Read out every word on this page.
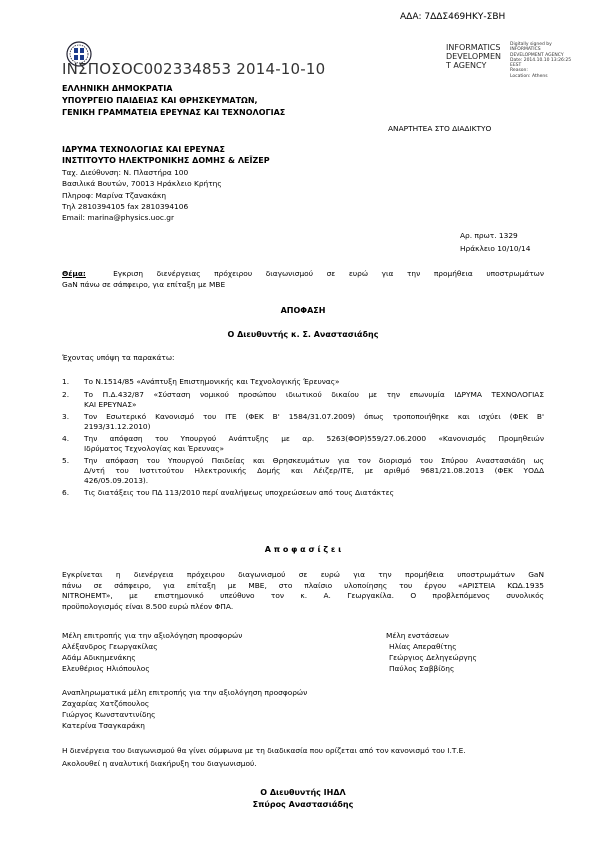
ΑΔΑ: 7ΔΔΣ469ΗΚΥ-ΣΒΗ
ΙΝΣΠΟΣΟC002334853 2014-10-10
INFORMATICS
DEVELOPMEN
T AGENCY
Digitally signed by
INFORMATICS
DEVELOPMENT AGENCY
Date: 2014.10.10 13:26:25
EEST
Reason:
Location: Athens
ΕΛΛΗΝΙΚΗ ΔΗΜΟΚΡΑΤΙΑ
ΥΠΟΥΡΓΕΙΟ ΠΑΙΔΕΙΑΣ ΚΑΙ ΘΡΗΣΚΕΥΜΑΤΩΝ,
ΓΕΝΙΚΗ ΓΡΑΜΜΑΤΕΙΑ ΕΡΕΥΝΑΣ ΚΑΙ ΤΕΧΝΟΛΟΓΙΑΣ
ΑΝΑΡΤΗΤΕΑ ΣΤΟ ΔΙΑΔΙΚΤΥΟ
ΙΔΡΥΜΑ ΤΕΧΝΟΛΟΓΙΑΣ ΚΑΙ ΕΡΕΥΝΑΣ
ΙΝΣΤΙΤΟΥΤΟ ΗΛΕΚΤΡΟΝΙΚΗΣ ΔΟΜΗΣ & ΛΕΪΖΕΡ
Ταχ. Διεύθυνση: Ν. Πλαστήρα 100
Βασιλικά Βουτών, 70013 Ηράκλειο Κρήτης
Πληροφ: Μαρίνα Τζανακάκη
Τηλ 2810394105 fax 2810394106
Email: marina@physics.uoc.gr
Αρ. πρωτ. 1329
Ηράκλειο 10/10/14
Θέμα:	Εγκριση διενέργειας πρόχειρου διαγωνισμού σε ευρώ για την προμήθεια υποστρωμάτων
GaN πάνω σε σάπφειρο, για επίταξη με MBE
ΑΠΟΦΑΣΗ
Ο Διευθυντής κ. Σ. Αναστασιάδης
Έχοντας υπόψη τα παρακάτω:
1.	Το Ν.1514/85 «Ανάπτυξη Επιστημονικής και Τεχνολογικής Έρευνας»
2.	Το Π.Δ.432/87 «Σύσταση νομικού προσώπου ιδιωτικού δικαίου με την επωνυμία ΙΔΡΥΜΑ ΤΕΧΝΟΛΟΓΙΑΣ
ΚΑΙ ΕΡΕΥΝΑΣ»
3.	Τον Εσωτερικό Κανονισμό του ΙΤΕ (ΦΕΚ Β' 1584/31.07.2009) όπως τροποποιήθηκε και ισχύει (ΦΕΚ Β'
2193/31.12.2010)
4.	Την απόφαση του Υπουργού Ανάπτυξης με αρ. 5263(ΦΟΡ)559/27.06.2000 «Κανονισμός Προμηθειών
Ιδρύματος Τεχνολογίας και Έρευνας»
5.	Την απόφαση του Υπουργού Παιδείας και Θρησκευμάτων για τον διορισμό του Σπύρου Αναστασιάδη ως
Δ/ντή του Ινστιτούτου Ηλεκτρονικής Δομής και Λέιζερ/ΙΤΕ, με αριθμό 9681/21.08.2013 (ΦΕΚ ΥΟΔΔ
426/05.09.2013).
6.	Τις διατάξεις του ΠΔ 113/2010 περί αναλήψεως υποχρεώσεων από τους Διατάκτες
Α π ο φ α σ ί ζ ε ι
Εγκρίνεται η διενέργεια πρόχειρου διαγωνισμού σε ευρώ για την προμήθεια υποστρωμάτων GaN
πάνω σε σάπφειρο, για επίταξη με MBE, στο πλαίσιο υλοποίησης του έργου «ΑΡΙΣΤΕΙΑ ΚΩΔ.1935
NITROHEMT», με επιστημονικό υπεύθυνο τον κ. Α. Γεωργακίλα. Ο προβλεπόμενος συνολικός
προϋπολογισμός είναι 8.500 ευρώ πλέον ΦΠΑ.
Μέλη επιτροπής για την αξιολόγηση προσφορών
Αλέξανδρος Γεωργακίλας
Αδάμ Αδικημενάκης
Ελευθέριος Ηλιόπουλος
Μέλη ενστάσεων
Ηλίας Απεραθίτης
Γεώργιος Δεληγεώργης
Παύλος Σαββίδης
Αναπληρωματικά μέλη επιτροπής για την αξιολόγηση προσφορών
Ζαχαρίας Χατζόπουλος
Γιώργος Κωνσταντινίδης
Κατερίνα Τσαγκαράκη
Η διενέργεια του διαγωνισμού θα γίνει σύμφωνα με τη διαδικασία που ορίζεται από τον κανονισμό του Ι.Τ.Ε.
Ακολουθεί η αναλυτική διακήρυξη του διαγωνισμού.
Ο Διευθυντής ΙΗΔΛ
Σπύρος Αναστασιάδης
